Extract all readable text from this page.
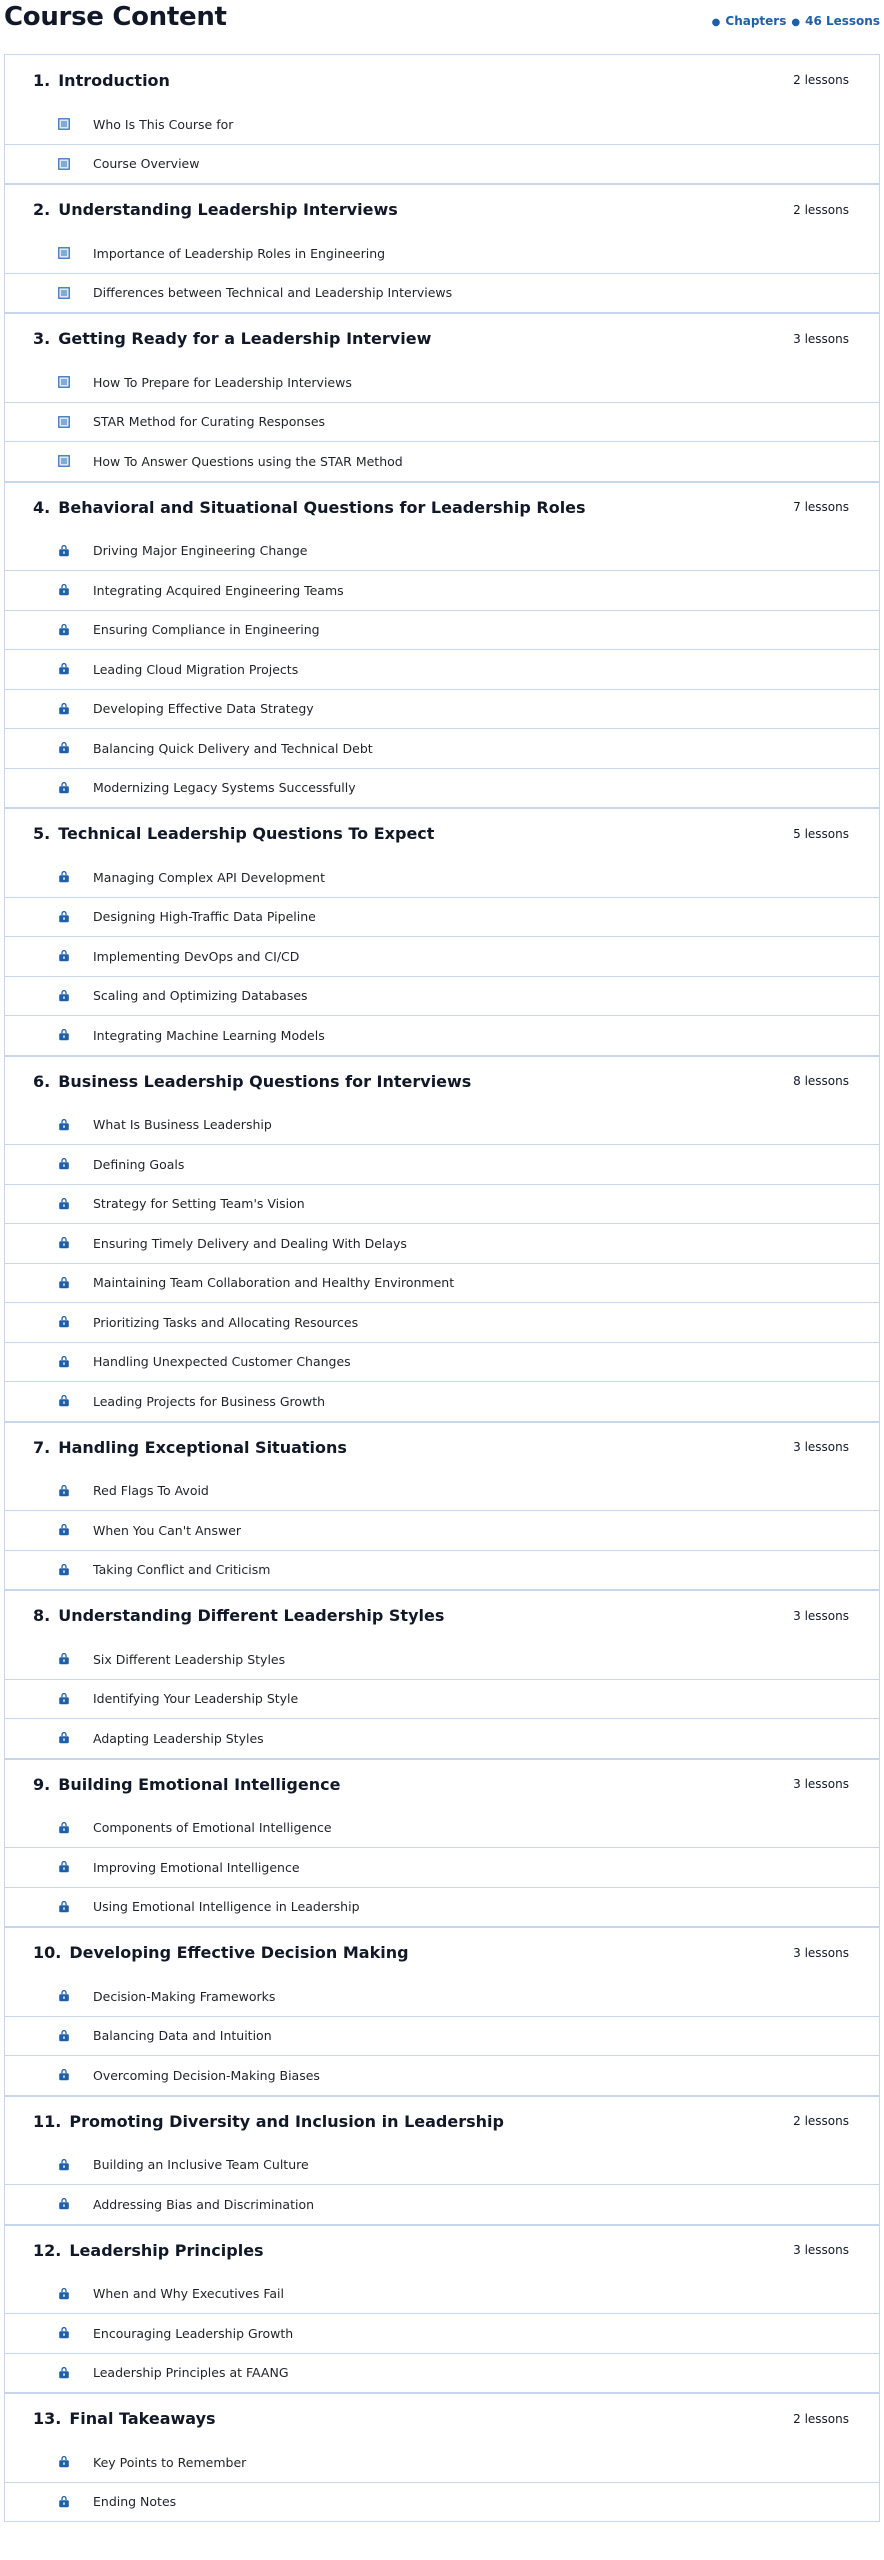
Course Content	● Chapters ● 46 Lessons
1. Introduction	2 lessons
Who Is This Course for
Course Overview
2. Understanding Leadership Interviews	2 lessons
Importance of Leadership Roles in Engineering
Differences between Technical and Leadership Interviews
3. Getting Ready for a Leadership Interview	3 lessons
How To Prepare for Leadership Interviews
STAR Method for Curating Responses
How To Answer Questions using the STAR Method
4. Behavioral and Situational Questions for Leadership Roles	7 lessons
Driving Major Engineering Change
Integrating Acquired Engineering Teams
Ensuring Compliance in Engineering
Leading Cloud Migration Projects
Developing Effective Data Strategy
Balancing Quick Delivery and Technical Debt
Modernizing Legacy Systems Successfully
5. Technical Leadership Questions To Expect	5 lessons
Managing Complex API Development
Designing High-Traffic Data Pipeline
Implementing DevOps and CI/CD
Scaling and Optimizing Databases
Integrating Machine Learning Models
6. Business Leadership Questions for Interviews	8 lessons
What Is Business Leadership
Defining Goals
Strategy for Setting Team's Vision
Ensuring Timely Delivery and Dealing With Delays
Maintaining Team Collaboration and Healthy Environment
Prioritizing Tasks and Allocating Resources
Handling Unexpected Customer Changes
Leading Projects for Business Growth
7. Handling Exceptional Situations	3 lessons
Red Flags To Avoid
When You Can't Answer
Taking Conflict and Criticism
8. Understanding Different Leadership Styles	3 lessons
Six Different Leadership Styles
Identifying Your Leadership Style
Adapting Leadership Styles
9. Building Emotional Intelligence	3 lessons
Components of Emotional Intelligence
Improving Emotional Intelligence
Using Emotional Intelligence in Leadership
10. Developing Effective Decision Making	3 lessons
Decision-Making Frameworks
Balancing Data and Intuition
Overcoming Decision-Making Biases
11. Promoting Diversity and Inclusion in Leadership	2 lessons
Building an Inclusive Team Culture
Addressing Bias and Discrimination
12. Leadership Principles	3 lessons
When and Why Executives Fail
Encouraging Leadership Growth
Leadership Principles at FAANG
13. Final Takeaways	2 lessons
Key Points to Remember
Ending Notes
